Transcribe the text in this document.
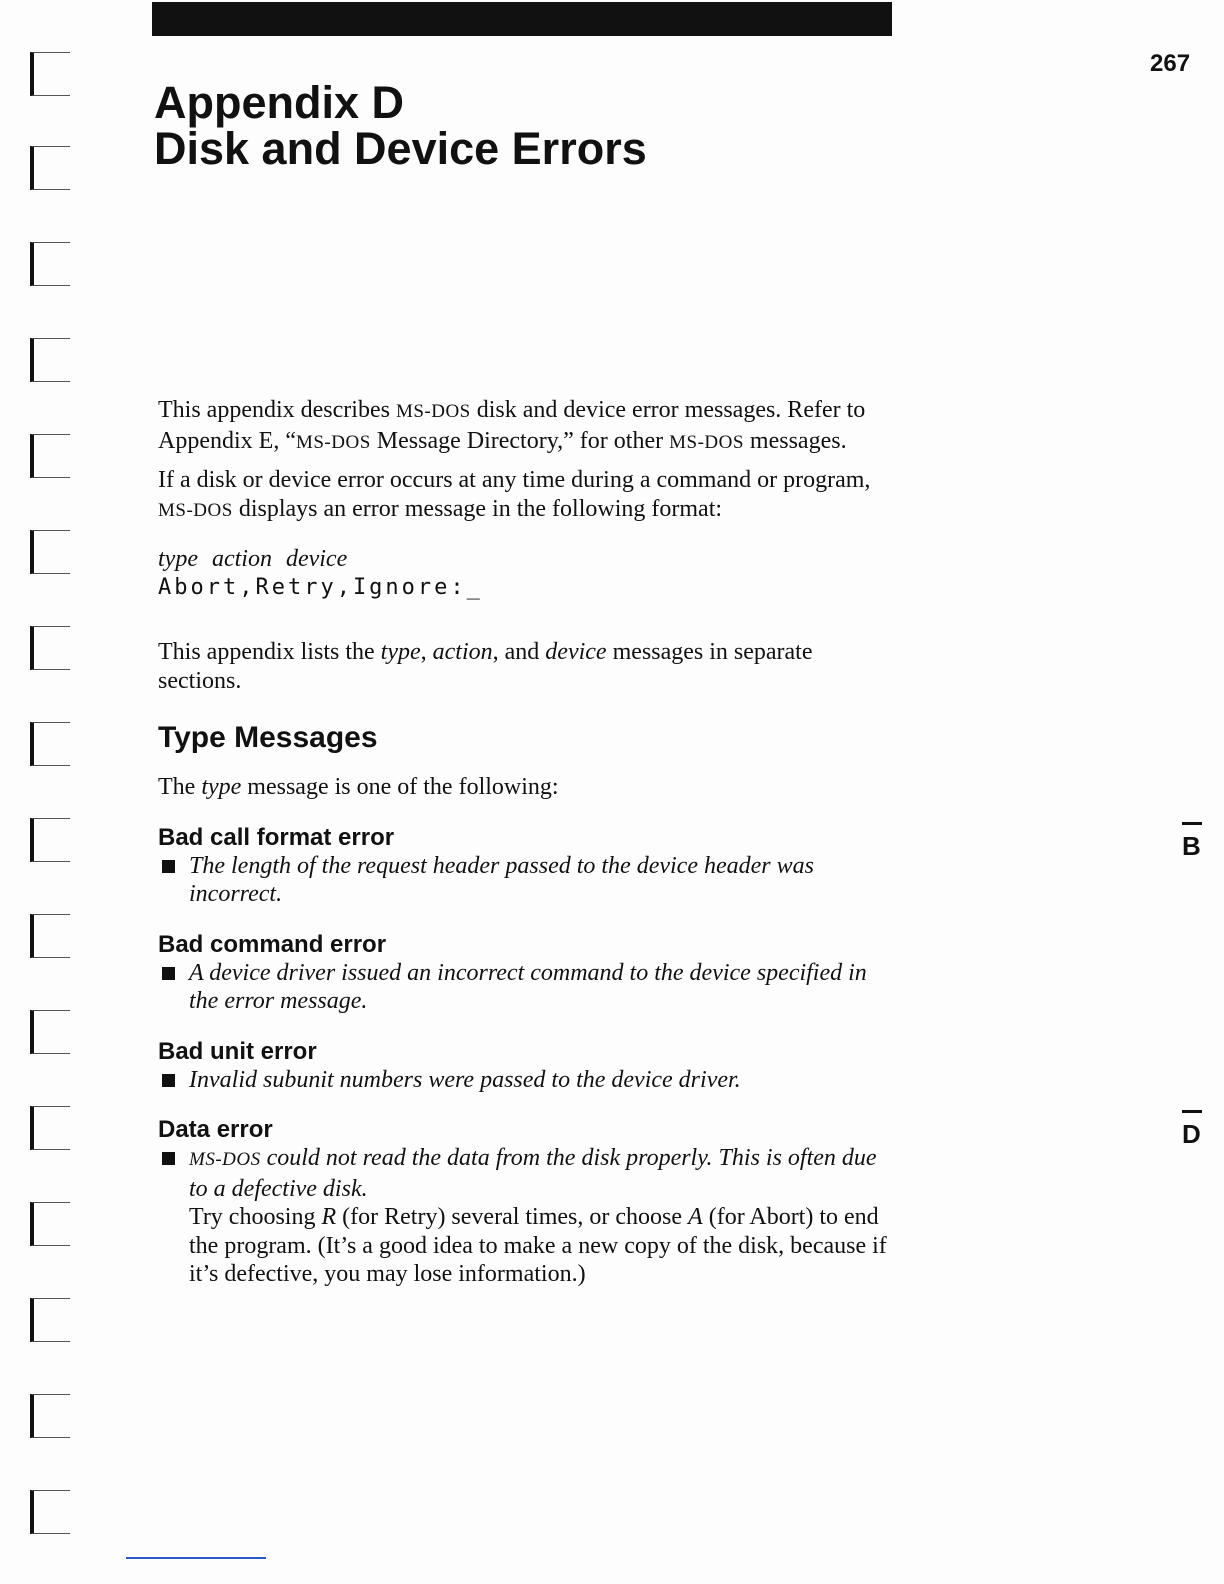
267
Appendix D
Disk and Device Errors

This appendix describes MS-DOS disk and device error messages. Refer to Appendix E, “MS-DOS Message Directory,” for other MS-DOS messages.

If a disk or device error occurs at any time during a command or program, MS-DOS displays an error message in the following format:

type action device
Abort,Retry,Ignore:_

This appendix lists the type, action, and device messages in separate sections.

Type Messages

The type message is one of the following:

Bad call format error
The length of the request header passed to the device header was incorrect.
Bad command error
A device driver issued an incorrect command to the device specified in the error message.
Bad unit error
Invalid subunit numbers were passed to the device driver.
Data error
MS-DOS could not read the data from the disk properly. This is often due to a defective disk.
Try choosing R (for Retry) several times, or choose A (for Abort) to end the program. (It’s a good idea to make a new copy of the disk, because if it’s defective, you may lose information.)
B
D
